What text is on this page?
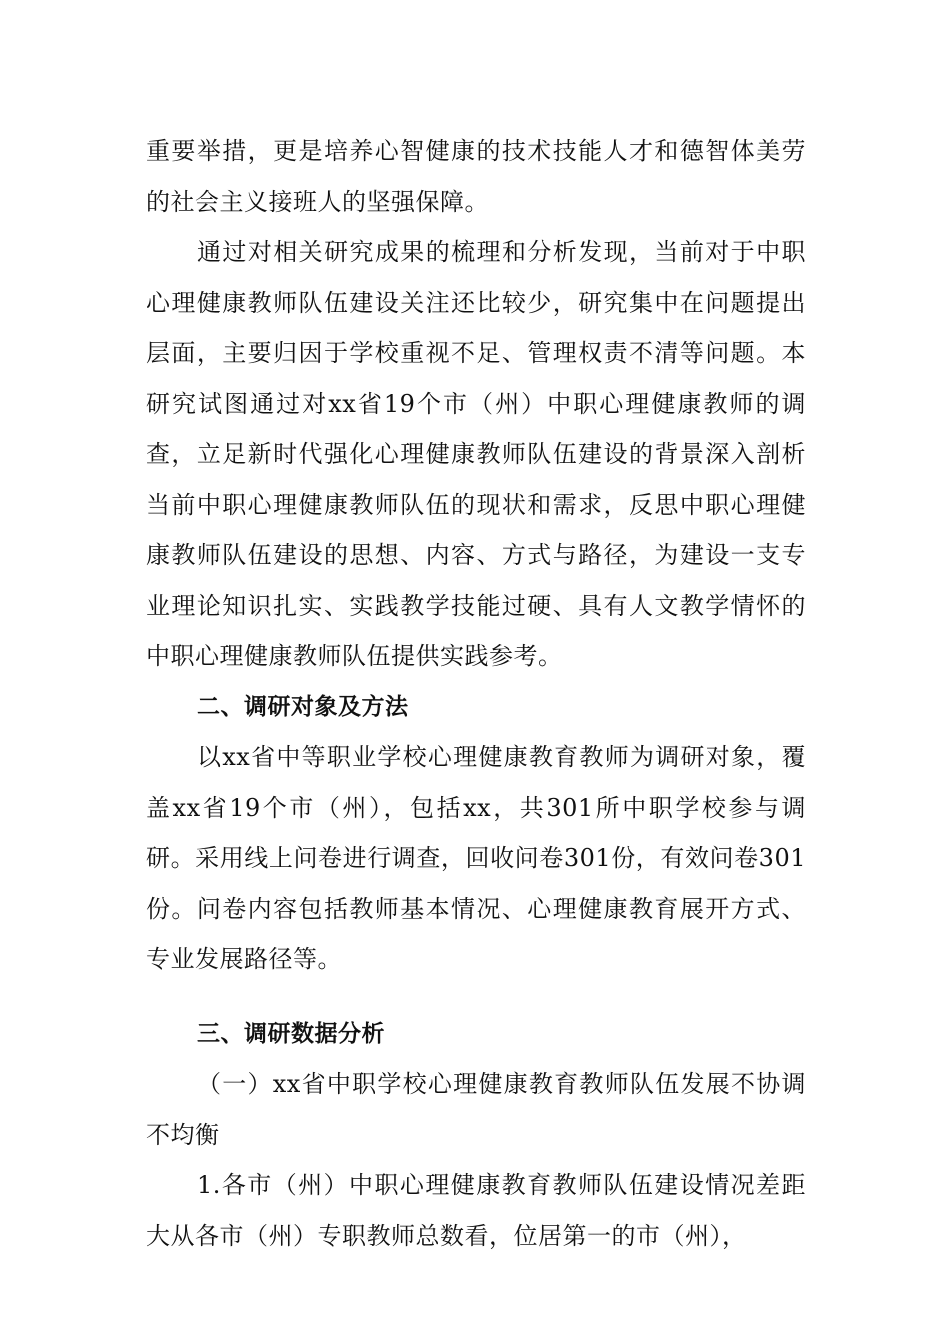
重要举措，更是培养心智健康的技术技能人才和德智体美劳的社会主义接班人的坚强保障。

通过对相关研究成果的梳理和分析发现，当前对于中职心理健康教师队伍建设关注还比较少，研究集中在问题提出层面，主要归因于学校重视不足、管理权责不清等问题。本研究试图通过对xx省19个市（州）中职心理健康教师的调查，立足新时代强化心理健康教师队伍建设的背景深入剖析当前中职心理健康教师队伍的现状和需求，反思中职心理健康教师队伍建设的思想、内容、方式与路径，为建设一支专业理论知识扎实、实践教学技能过硬、具有人文教学情怀的中职心理健康教师队伍提供实践参考。

二、调研对象及方法

以xx省中等职业学校心理健康教育教师为调研对象，覆盖xx省19个市（州），包括xx，共301所中职学校参与调研。采用线上问卷进行调查，回收问卷301份，有效问卷301份。问卷内容包括教师基本情况、心理健康教育展开方式、专业发展路径等。

三、调研数据分析

（一）xx省中职学校心理健康教育教师队伍发展不协调不均衡

1.各市（州）中职心理健康教育教师队伍建设情况差距大从各市（州）专职教师总数看，位居第一的市（州），
